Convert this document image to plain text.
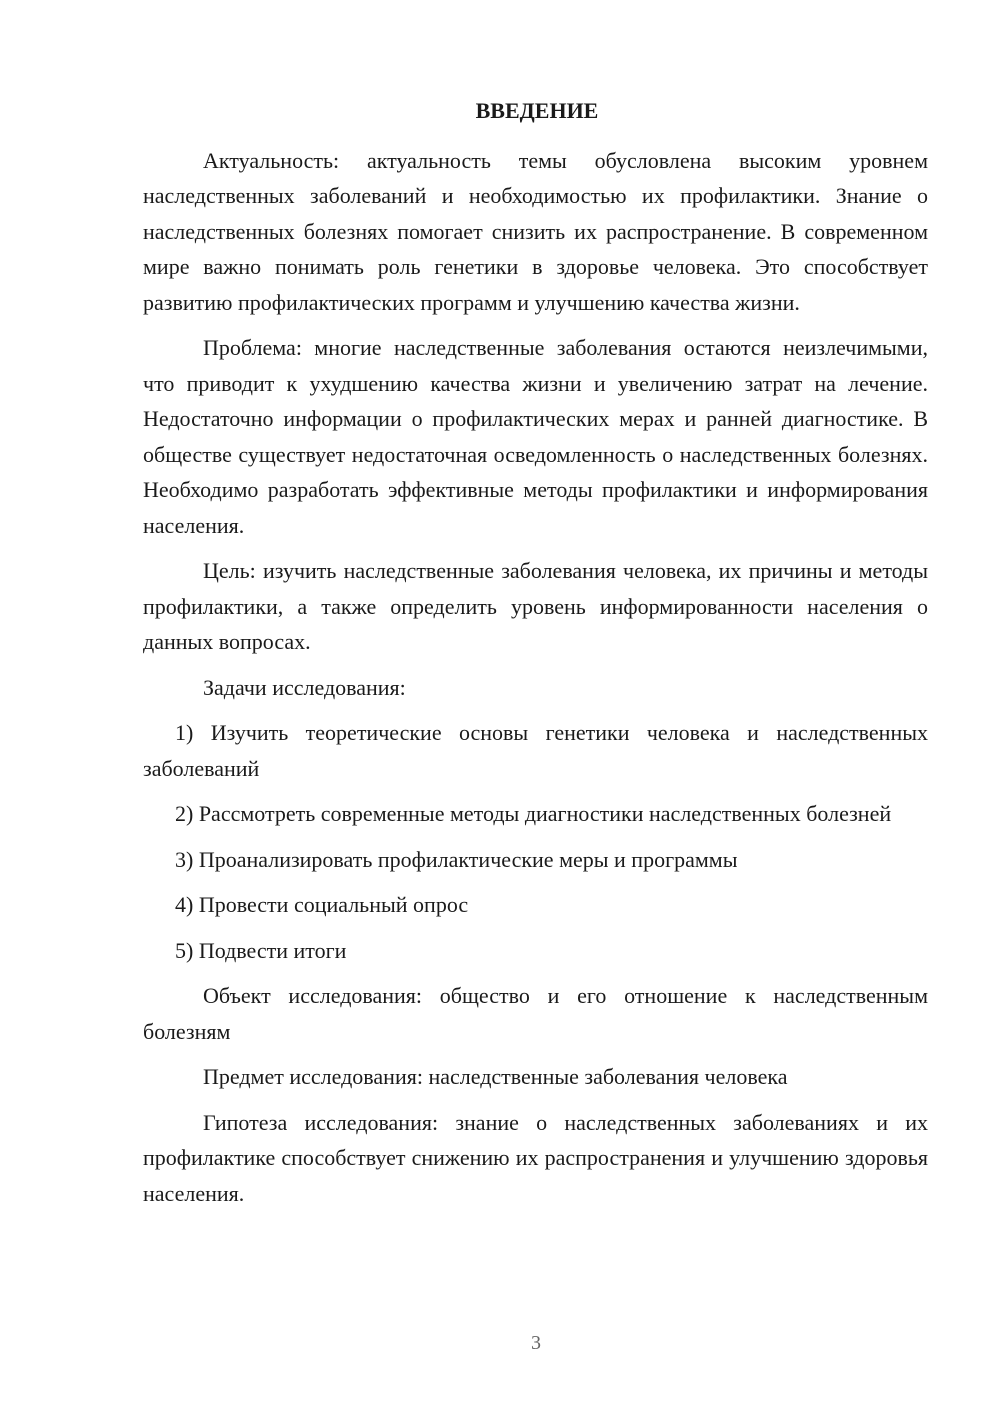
ВВЕДЕНИЕ

Актуальность: актуальность темы обусловлена высоким уровнем наследственных заболеваний и необходимостью их профилактики. Знание о наследственных болезнях помогает снизить их распространение. В современном мире важно понимать роль генетики в здоровье человека. Это способствует развитию профилактических программ и улучшению качества жизни.

Проблема: многие наследственные заболевания остаются неизлечимыми, что приводит к ухудшению качества жизни и увеличению затрат на лечение. Недостаточно информации о профилактических мерах и ранней диагностике. В обществе существует недостаточная осведомленность о наследственных болезнях. Необходимо разработать эффективные методы профилактики и информирования населения.

Цель: изучить наследственные заболевания человека, их причины и методы профилактики, а также определить уровень информированности населения о данных вопросах.

Задачи исследования:

1) Изучить теоретические основы генетики человека и наследственных заболеваний

2) Рассмотреть современные методы диагностики наследственных болезней

3) Проанализировать профилактические меры и программы

4) Провести социальный опрос

5) Подвести итоги

Объект исследования: общество и его отношение к наследственным болезням

Предмет исследования: наследственные заболевания человека

Гипотеза исследования: знание о наследственных заболеваниях и их профилактике способствует снижению их распространения и улучшению здоровья населения.

3
